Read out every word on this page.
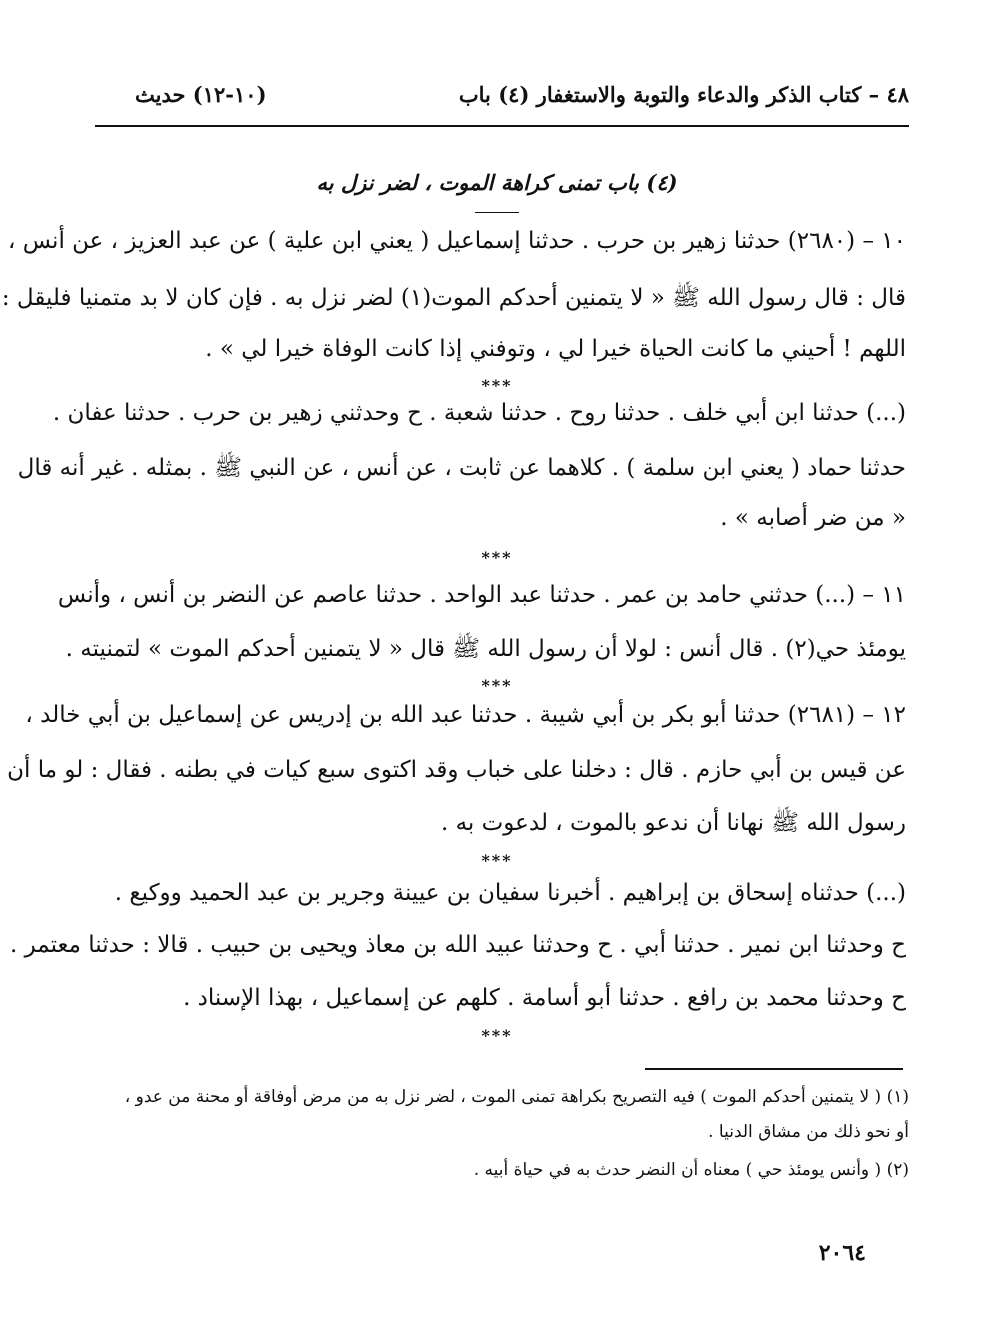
٤٨ – كتاب الذكر والدعاء والتوبة والاستغفار (٤) باب
(١٠-١٢) حديث
(٤) باب تمنى كراهة الموت ، لضر نزل به
١٠ – (٢٦٨٠) حدثنا زهير بن حرب . حدثنا إسماعيل ( يعني ابن علية ) عن عبد العزيز ، عن أنس ،
قال : قال رسول الله ﷺ « لا يتمنين أحدكم الموت(١) لضر نزل به . فإن كان لا بد متمنيا فليقل :
اللهم ! أحيني ما كانت الحياة خيرا لي ، وتوفني إذا كانت الوفاة خيرا لي » .
***
(...) حدثنا ابن أبي خلف . حدثنا روح . حدثنا شعبة . ح وحدثني زهير بن حرب . حدثنا عفان .
حدثنا حماد ( يعني ابن سلمة ) . كلاهما عن ثابت ، عن أنس ، عن النبي ﷺ . بمثله . غير أنه قال
« من ضر أصابه » .
***
١١ – (...) حدثني حامد بن عمر . حدثنا عبد الواحد . حدثنا عاصم عن النضر بن أنس ، وأنس
يومئذ حي(٢) . قال أنس : لولا أن رسول الله ﷺ قال « لا يتمنين أحدكم الموت » لتمنيته .
***
١٢ – (٢٦٨١) حدثنا أبو بكر بن أبي شيبة . حدثنا عبد الله بن إدريس عن إسماعيل بن أبي خالد ،
عن قيس بن أبي حازم . قال : دخلنا على خباب وقد اكتوى سبع كيات في بطنه . فقال : لو ما أن
رسول الله ﷺ نهانا أن ندعو بالموت ، لدعوت به .
***
(...) حدثناه إسحاق بن إبراهيم . أخبرنا سفيان بن عيينة وجرير بن عبد الحميد ووكيع .
ح وحدثنا ابن نمير . حدثنا أبي . ح وحدثنا عبيد الله بن معاذ ويحيى بن حبيب . قالا : حدثنا معتمر .
ح وحدثنا محمد بن رافع . حدثنا أبو أسامة . كلهم عن إسماعيل ، بهذا الإسناد .
***
(١) ( لا يتمنين أحدكم الموت ) فيه التصريح بكراهة تمنى الموت ، لضر نزل به من مرض أوفاقة أو محنة من عدو ،
أو نحو ذلك من مشاق الدنيا .
(٢) ( وأنس يومئذ حي ) معناه أن النضر حدث به في حياة أبيه .
٢٠٦٤
